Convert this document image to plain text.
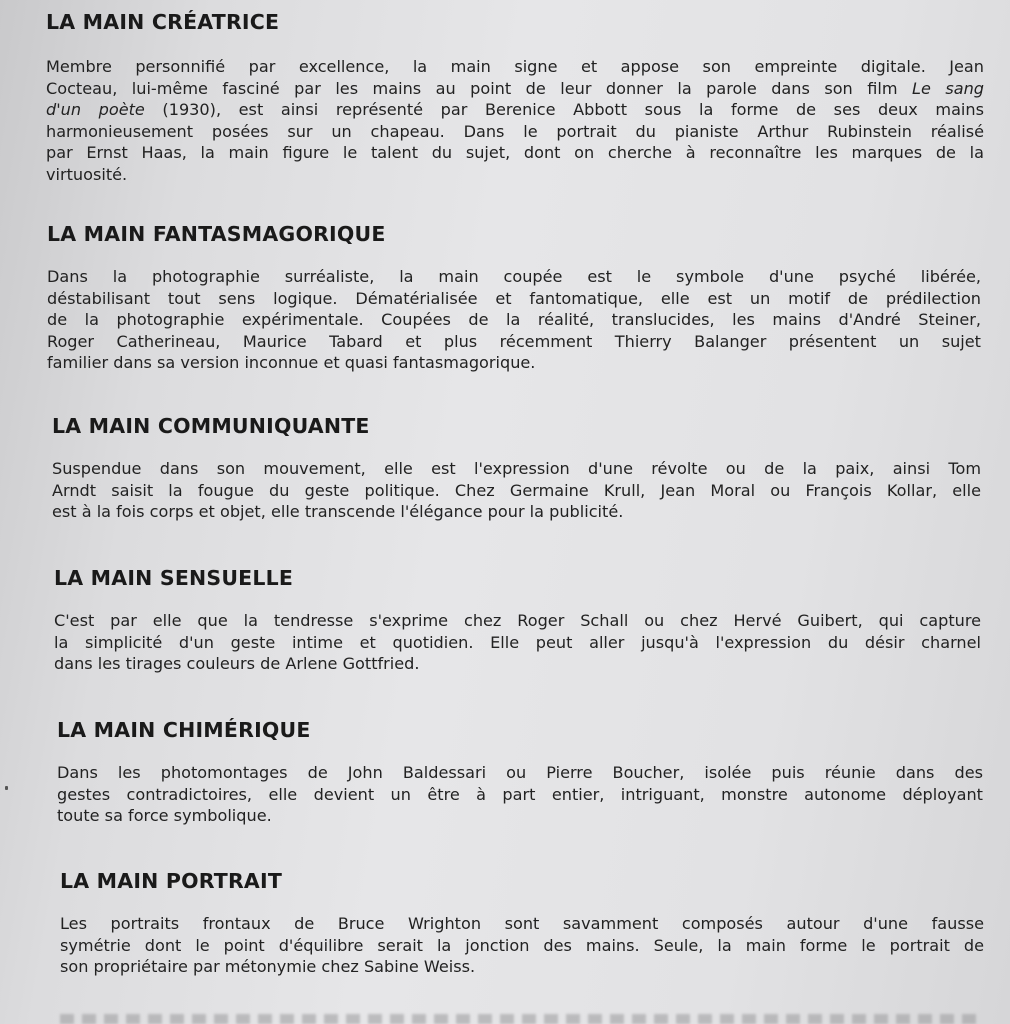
LA MAIN CRÉATRICE

Membre personnifié par excellence, la main signe et appose son empreinte digitale. Jean
Cocteau, lui-même fasciné par les mains au point de leur donner la parole dans son film Le sang
d'un poète (1930), est ainsi représenté par Berenice Abbott sous la forme de ses deux mains
harmonieusement posées sur un chapeau. Dans le portrait du pianiste Arthur Rubinstein réalisé
par Ernst Haas, la main figure le talent du sujet, dont on cherche à reconnaître les marques de la
virtuosité.

LA MAIN FANTASMAGORIQUE

Dans la photographie surréaliste, la main coupée est le symbole d'une psyché libérée,
déstabilisant tout sens logique. Dématérialisée et fantomatique, elle est un motif de prédilection
de la photographie expérimentale. Coupées de la réalité, translucides, les mains d'André Steiner,
Roger Catherineau, Maurice Tabard et plus récemment Thierry Balanger présentent un sujet
familier dans sa version inconnue et quasi fantasmagorique.

LA MAIN COMMUNIQUANTE

Suspendue dans son mouvement, elle est l'expression d'une révolte ou de la paix, ainsi Tom
Arndt saisit la fougue du geste politique. Chez Germaine Krull, Jean Moral ou François Kollar, elle
est à la fois corps et objet, elle transcende l'élégance pour la publicité.

LA MAIN SENSUELLE

C'est par elle que la tendresse s'exprime chez Roger Schall ou chez Hervé Guibert, qui capture
la simplicité d'un geste intime et quotidien. Elle peut aller jusqu'à l'expression du désir charnel
dans les tirages couleurs de Arlene Gottfried.

LA MAIN CHIMÉRIQUE

Dans les photomontages de John Baldessari ou Pierre Boucher, isolée puis réunie dans des
gestes contradictoires, elle devient un être à part entier, intriguant, monstre autonome déployant
toute sa force symbolique.

LA MAIN PORTRAIT

Les portraits frontaux de Bruce Wrighton sont savamment composés autour d'une fausse
symétrie dont le point d'équilibre serait la jonction des mains. Seule, la main forme le portrait de
son propriétaire par métonymie chez Sabine Weiss.
